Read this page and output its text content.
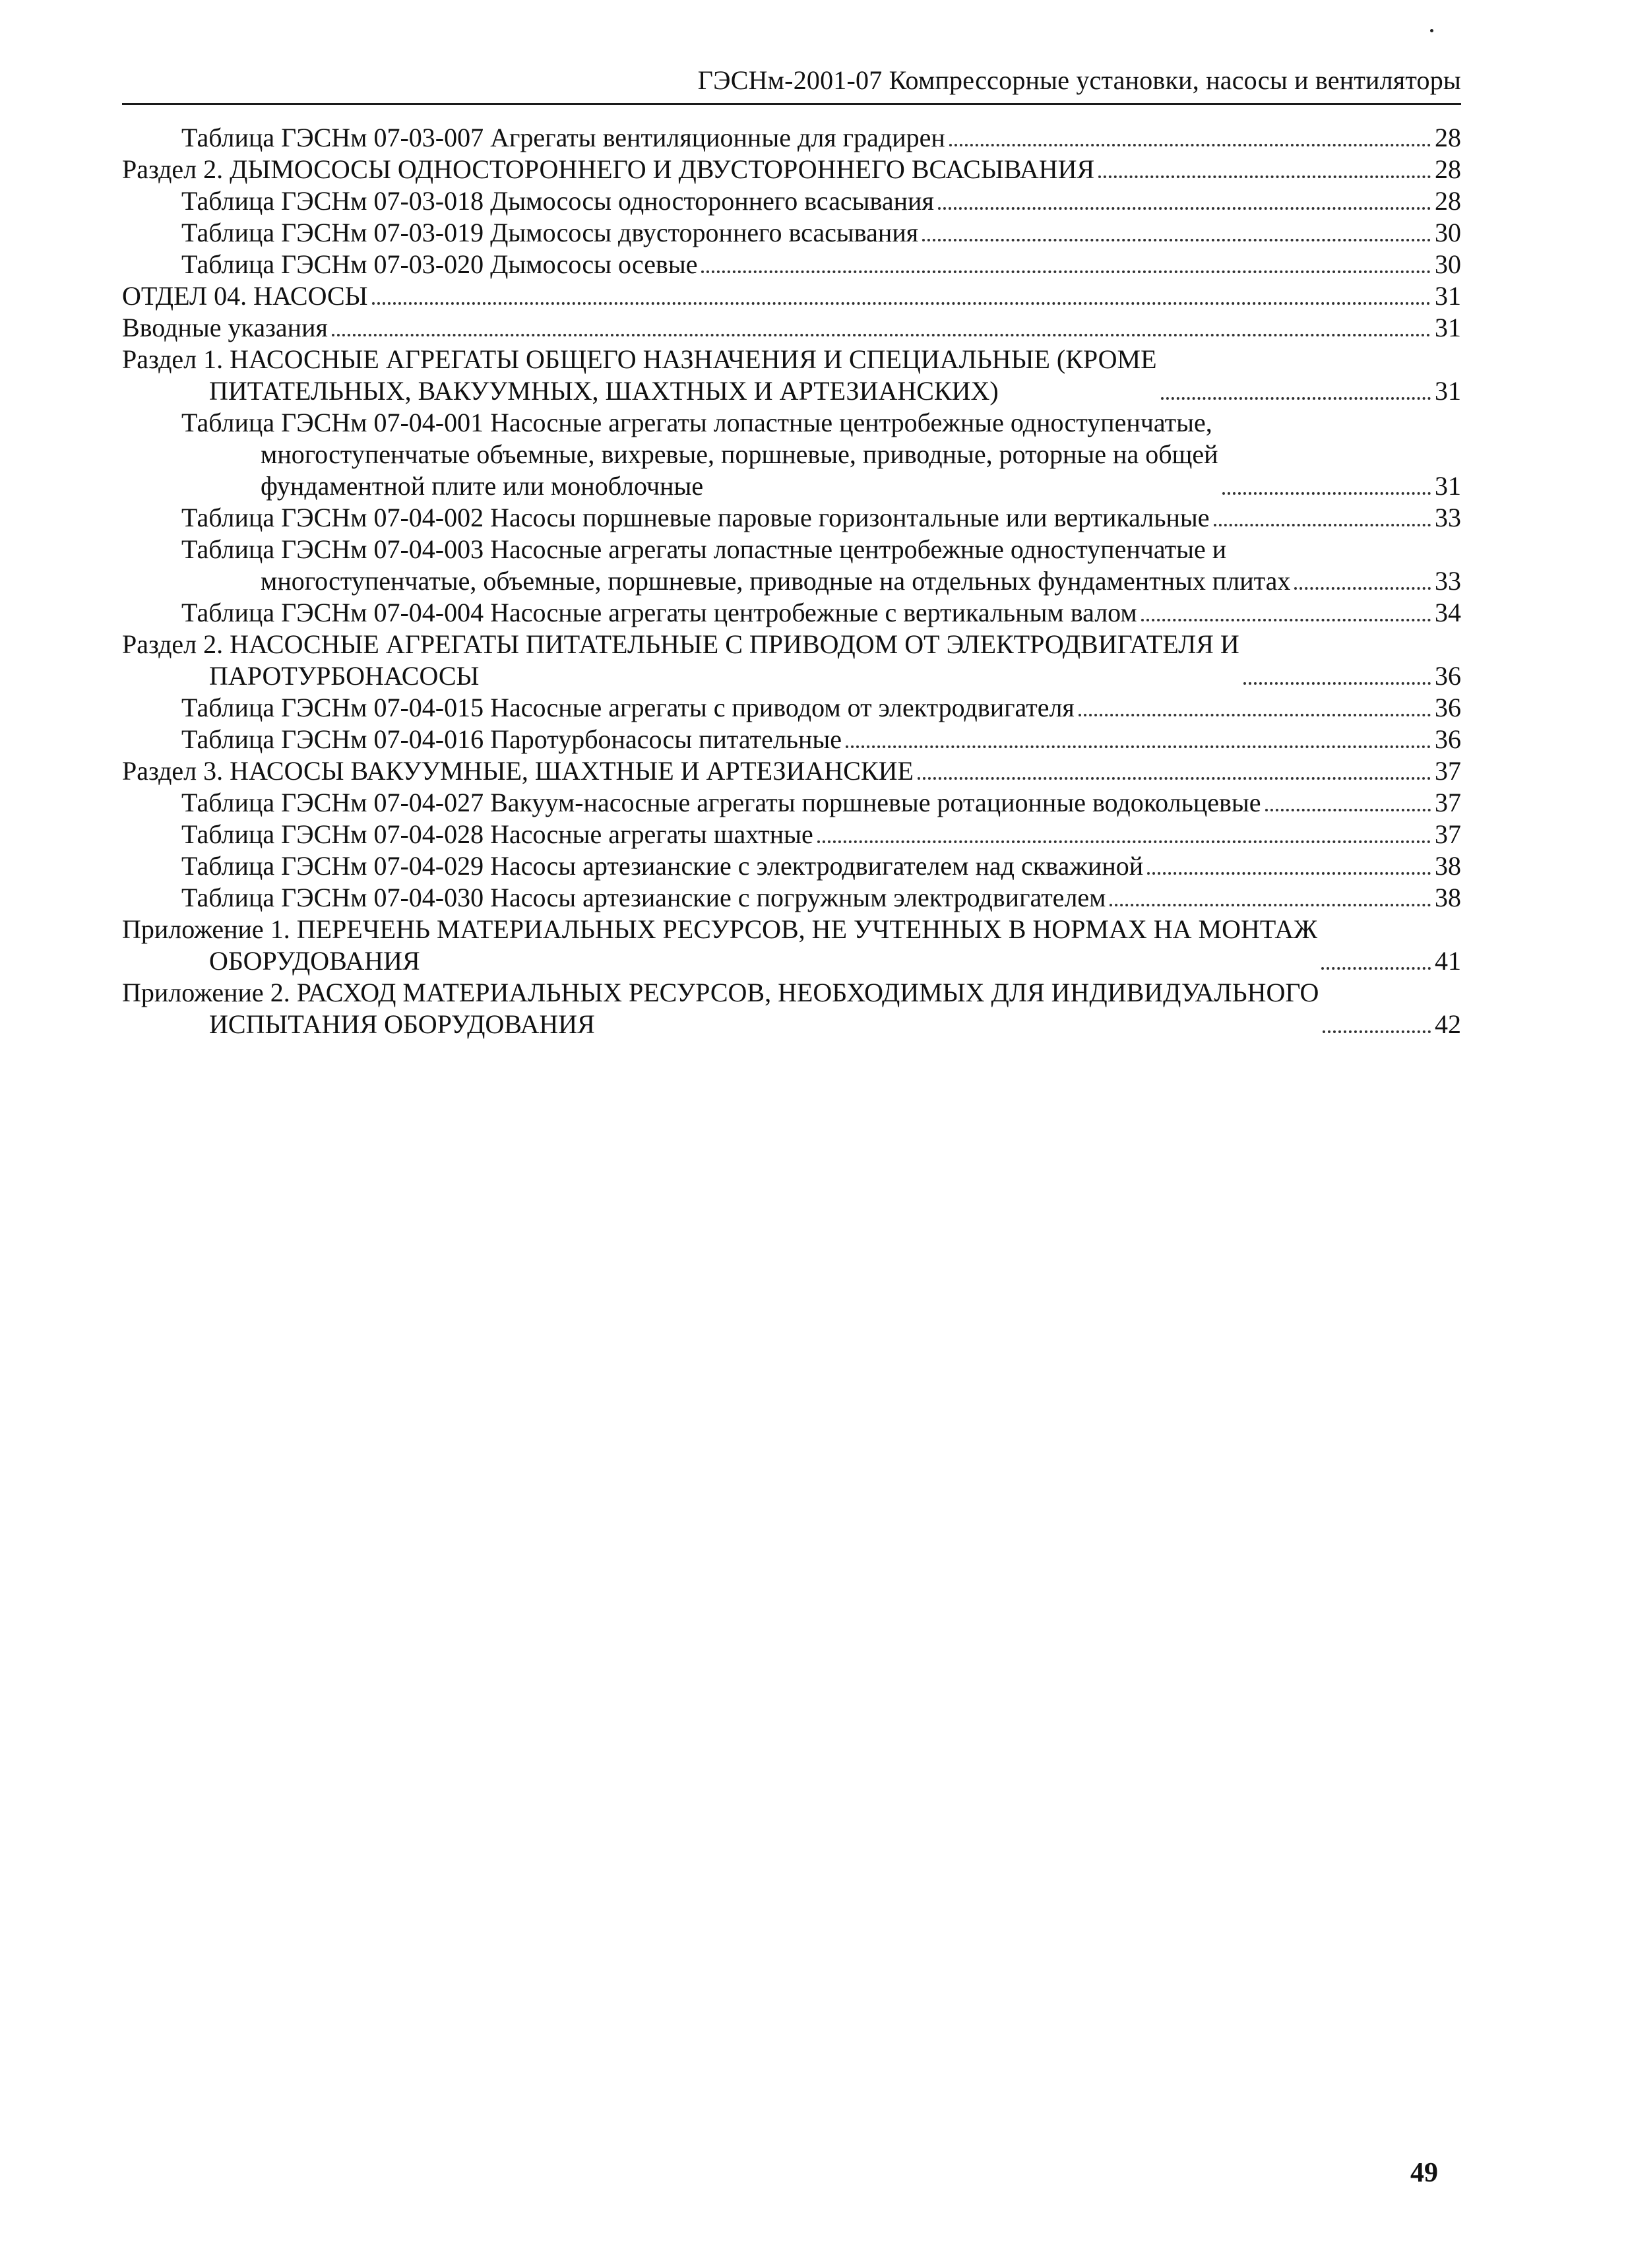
ГЭСНм-2001-07 Компрессорные установки, насосы и вентиляторы
Таблица ГЭСНм 07-03-007 Агрегаты вентиляционные для градирен	28
Раздел 2. ДЫМОСОСЫ ОДНОСТОРОННЕГО И ДВУСТОРОННЕГО ВСАСЫВАНИЯ	28
Таблица ГЭСНм 07-03-018 Дымососы одностороннего всасывания	28
Таблица ГЭСНм 07-03-019 Дымососы двустороннего всасывания	30
Таблица ГЭСНм 07-03-020 Дымососы осевые	30
ОТДЕЛ 04. НАСОСЫ	31
Вводные указания	31
Раздел 1. НАСОСНЫЕ АГРЕГАТЫ ОБЩЕГО НАЗНАЧЕНИЯ И СПЕЦИАЛЬНЫЕ (КРОМЕ
ПИТАТЕЛЬНЫХ, ВАКУУМНЫХ, ШАХТНЫХ И АРТЕЗИАНСКИХ)	31
Таблица ГЭСНм 07-04-001 Насосные агрегаты лопастные центробежные одноступенчатые,
многоступенчатые объемные, вихревые, поршневые, приводные, роторные на общей
фундаментной плите или моноблочные	31
Таблица ГЭСНм 07-04-002 Насосы поршневые паровые горизонтальные или вертикальные	33
Таблица ГЭСНм 07-04-003 Насосные агрегаты лопастные центробежные одноступенчатые и
многоступенчатые, объемные, поршневые, приводные на отдельных фундаментных плитах	33
Таблица ГЭСНм 07-04-004 Насосные агрегаты центробежные с вертикальным валом	34
Раздел 2. НАСОСНЫЕ АГРЕГАТЫ ПИТАТЕЛЬНЫЕ С ПРИВОДОМ ОТ ЭЛЕКТРОДВИГАТЕЛЯ И
ПАРОТУРБОНАСОСЫ	36
Таблица ГЭСНм 07-04-015 Насосные агрегаты с приводом от электродвигателя	36
Таблица ГЭСНм 07-04-016 Паротурбонасосы питательные	36
Раздел 3. НАСОСЫ ВАКУУМНЫЕ, ШАХТНЫЕ И АРТЕЗИАНСКИЕ	37
Таблица ГЭСНм 07-04-027 Вакуум-насосные агрегаты поршневые ротационные водокольцевые	37
Таблица ГЭСНм 07-04-028 Насосные агрегаты шахтные	37
Таблица ГЭСНм 07-04-029 Насосы артезианские с электродвигателем над скважиной	38
Таблица ГЭСНм 07-04-030 Насосы артезианские с погружным электродвигателем	38
Приложение 1. ПЕРЕЧЕНЬ МАТЕРИАЛЬНЫХ РЕСУРСОВ, НЕ УЧТЕННЫХ В НОРМАХ НА МОНТАЖ
ОБОРУДОВАНИЯ	41
Приложение 2. РАСХОД МАТЕРИАЛЬНЫХ РЕСУРСОВ, НЕОБХОДИМЫХ ДЛЯ ИНДИВИДУАЛЬНОГО
ИСПЫТАНИЯ ОБОРУДОВАНИЯ	42
49
